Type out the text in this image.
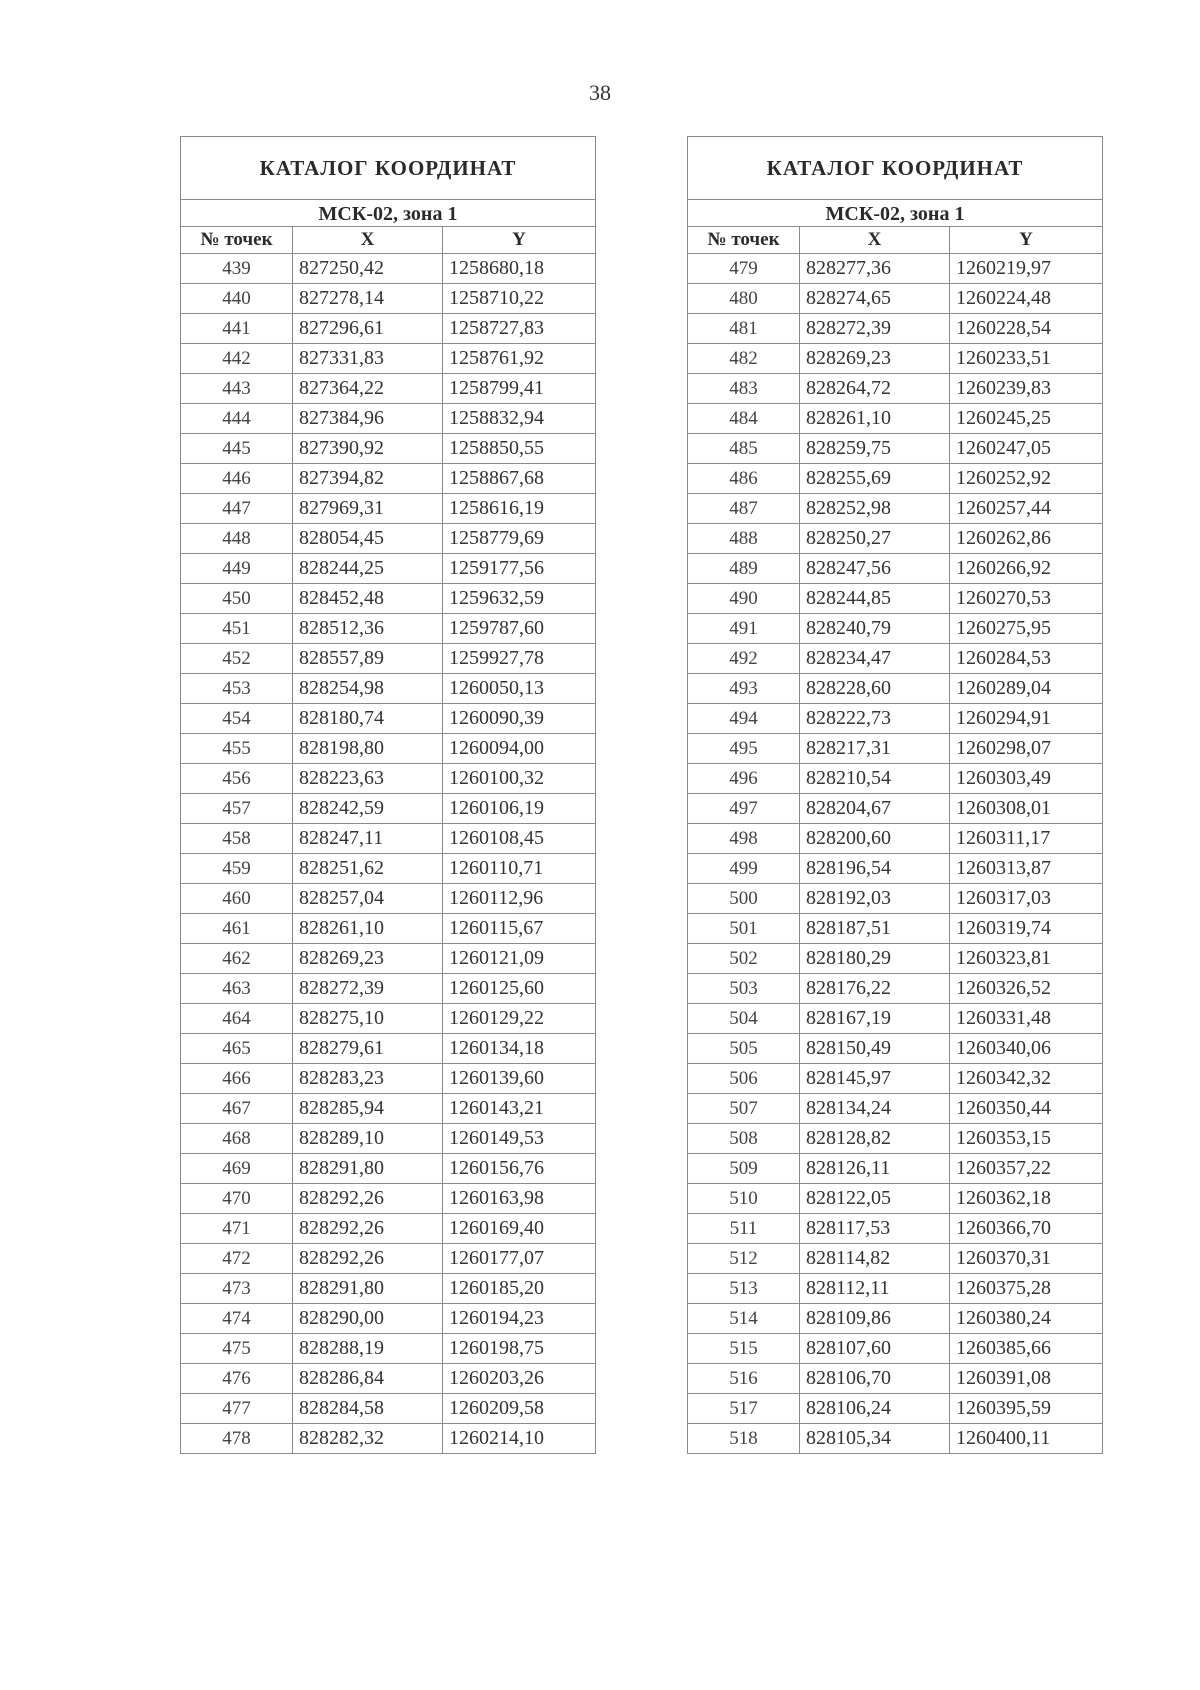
38
КАТАЛОГ КООРДИНАТ		
МСК-02, зона 1		
№ точек	X	Y
439	827250,42	1258680,18
440	827278,14	1258710,22
441	827296,61	1258727,83
442	827331,83	1258761,92
443	827364,22	1258799,41
444	827384,96	1258832,94
445	827390,92	1258850,55
446	827394,82	1258867,68
447	827969,31	1258616,19
448	828054,45	1258779,69
449	828244,25	1259177,56
450	828452,48	1259632,59
451	828512,36	1259787,60
452	828557,89	1259927,78
453	828254,98	1260050,13
454	828180,74	1260090,39
455	828198,80	1260094,00
456	828223,63	1260100,32
457	828242,59	1260106,19
458	828247,11	1260108,45
459	828251,62	1260110,71
460	828257,04	1260112,96
461	828261,10	1260115,67
462	828269,23	1260121,09
463	828272,39	1260125,60
464	828275,10	1260129,22
465	828279,61	1260134,18
466	828283,23	1260139,60
467	828285,94	1260143,21
468	828289,10	1260149,53
469	828291,80	1260156,76
470	828292,26	1260163,98
471	828292,26	1260169,40
472	828292,26	1260177,07
473	828291,80	1260185,20
474	828290,00	1260194,23
475	828288,19	1260198,75
476	828286,84	1260203,26
477	828284,58	1260209,58
478	828282,32	1260214,10
КАТАЛОГ КООРДИНАТ		
МСК-02, зона 1		
№ точек	X	Y
479	828277,36	1260219,97
480	828274,65	1260224,48
481	828272,39	1260228,54
482	828269,23	1260233,51
483	828264,72	1260239,83
484	828261,10	1260245,25
485	828259,75	1260247,05
486	828255,69	1260252,92
487	828252,98	1260257,44
488	828250,27	1260262,86
489	828247,56	1260266,92
490	828244,85	1260270,53
491	828240,79	1260275,95
492	828234,47	1260284,53
493	828228,60	1260289,04
494	828222,73	1260294,91
495	828217,31	1260298,07
496	828210,54	1260303,49
497	828204,67	1260308,01
498	828200,60	1260311,17
499	828196,54	1260313,87
500	828192,03	1260317,03
501	828187,51	1260319,74
502	828180,29	1260323,81
503	828176,22	1260326,52
504	828167,19	1260331,48
505	828150,49	1260340,06
506	828145,97	1260342,32
507	828134,24	1260350,44
508	828128,82	1260353,15
509	828126,11	1260357,22
510	828122,05	1260362,18
511	828117,53	1260366,70
512	828114,82	1260370,31
513	828112,11	1260375,28
514	828109,86	1260380,24
515	828107,60	1260385,66
516	828106,70	1260391,08
517	828106,24	1260395,59
518	828105,34	1260400,11
